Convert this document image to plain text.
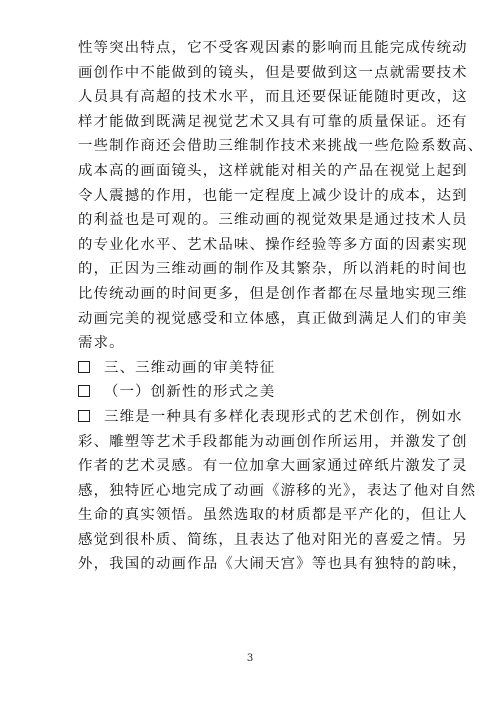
性等突出特点，它不受客观因素的影响而且能完成传统动
画创作中不能做到的镜头，但是要做到这一点就需要技术
人员具有高超的技术水平，而且还要保证能随时更改，这
样才能做到既满足视觉艺术又具有可靠的质量保证。还有
一些制作商还会借助三维制作技术来挑战一些危险系数高、
成本高的画面镜头，这样就能对相关的产品在视觉上起到
令人震撼的作用，也能一定程度上减少设计的成本，达到
的利益也是可观的。三维动画的视觉效果是通过技术人员
的专业化水平、艺术品味、操作经验等多方面的因素实现
的，正因为三维动画的制作及其繁杂，所以消耗的时间也
比传统动画的时间更多，但是创作者都在尽量地实现三维
动画完美的视觉感受和立体感，真正做到满足人们的审美
需求。
三、三维动画的审美特征
（一）创新性的形式之美
三维是一种具有多样化表现形式的艺术创作，例如水
彩、雕塑等艺术手段都能为动画创作所运用，并激发了创
作者的艺术灵感。有一位加拿大画家通过碎纸片激发了灵
感，独特匠心地完成了动画《游移的光》，表达了他对自然
生命的真实领悟。虽然选取的材质都是平产化的，但让人
感觉到很朴质、简练，且表达了他对阳光的喜爱之情。另
外，我国的动画作品《大闹天宫》等也具有独特的韵味，
3
